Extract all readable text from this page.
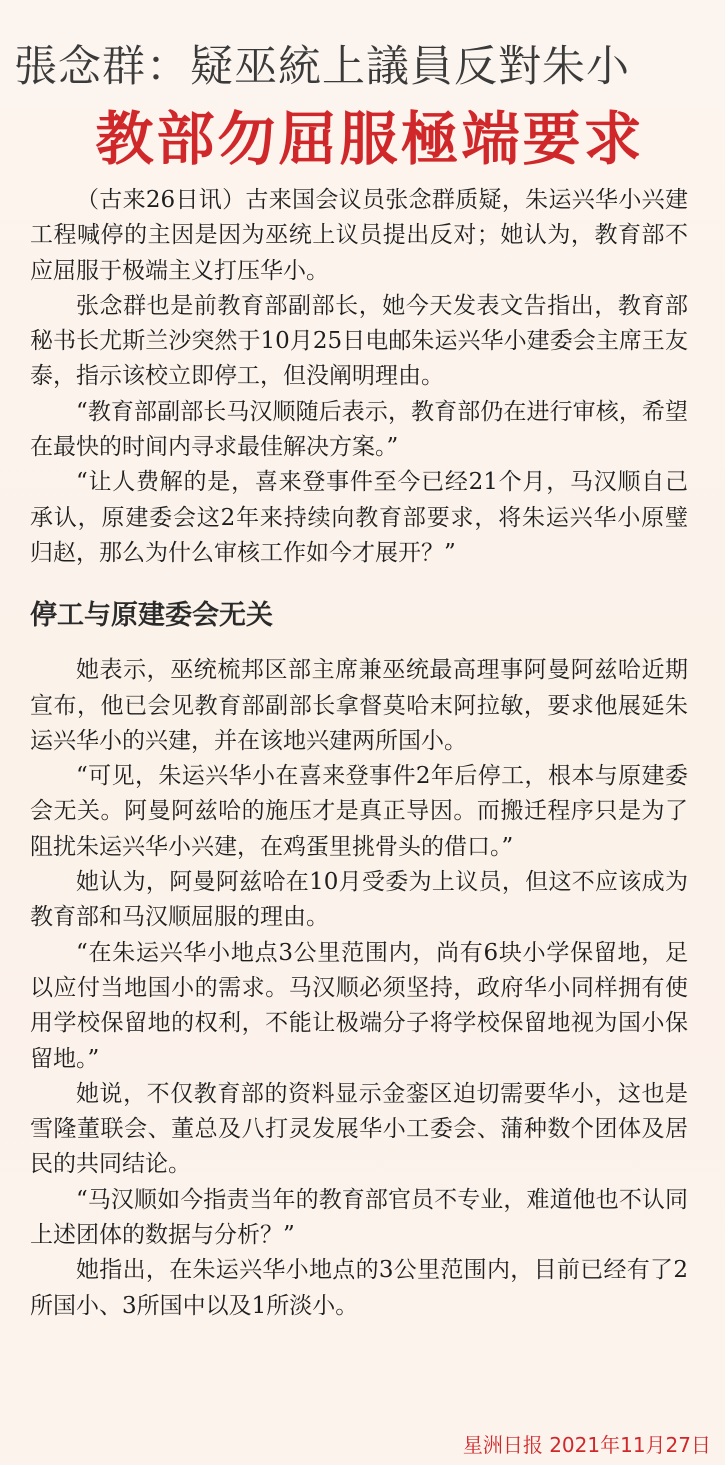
張念群：疑巫統上議員反對朱小
教部勿屈服極端要求

（古来26日讯）古来国会议员张念群质疑，朱运兴华小兴建工程喊停的主因是因为巫统上议员提出反对；她认为，教育部不应屈服于极端主义打压华小。

张念群也是前教育部副部长，她今天发表文告指出，教育部秘书长尤斯兰沙突然于10月25日电邮朱运兴华小建委会主席王友泰，指示该校立即停工，但没阐明理由。

“教育部副部长马汉顺随后表示，教育部仍在进行审核，希望在最快的时间内寻求最佳解决方案。”

“让人费解的是，喜来登事件至今已经21个月，马汉顺自己承认，原建委会这2年来持续向教育部要求，将朱运兴华小原璧归赵，那么为什么审核工作如今才展开？”

停工与原建委会无关

她表示，巫统梳邦区部主席兼巫统最高理事阿曼阿兹哈近期宣布，他已会见教育部副部长拿督莫哈末阿拉敏，要求他展延朱运兴华小的兴建，并在该地兴建两所国小。

“可见，朱运兴华小在喜来登事件2年后停工，根本与原建委会无关。阿曼阿兹哈的施压才是真正导因。而搬迁程序只是为了阻扰朱运兴华小兴建，在鸡蛋里挑骨头的借口。”

她认为，阿曼阿兹哈在10月受委为上议员，但这不应该成为教育部和马汉顺屈服的理由。

“在朱运兴华小地点3公里范围内，尚有6块小学保留地，足以应付当地国小的需求。马汉顺必须坚持，政府华小同样拥有使用学校保留地的权利，不能让极端分子将学校保留地视为国小保留地。”

她说，不仅教育部的资料显示金銮区迫切需要华小，这也是雪隆董联会、董总及八打灵发展华小工委会、蒲种数个团体及居民的共同结论。

“马汉顺如今指责当年的教育部官员不专业，难道他也不认同上述团体的数据与分析？”

她指出，在朱运兴华小地点的3公里范围内，目前已经有了2所国小、3所国中以及1所淡小。

星洲日报 2021年11月27日
